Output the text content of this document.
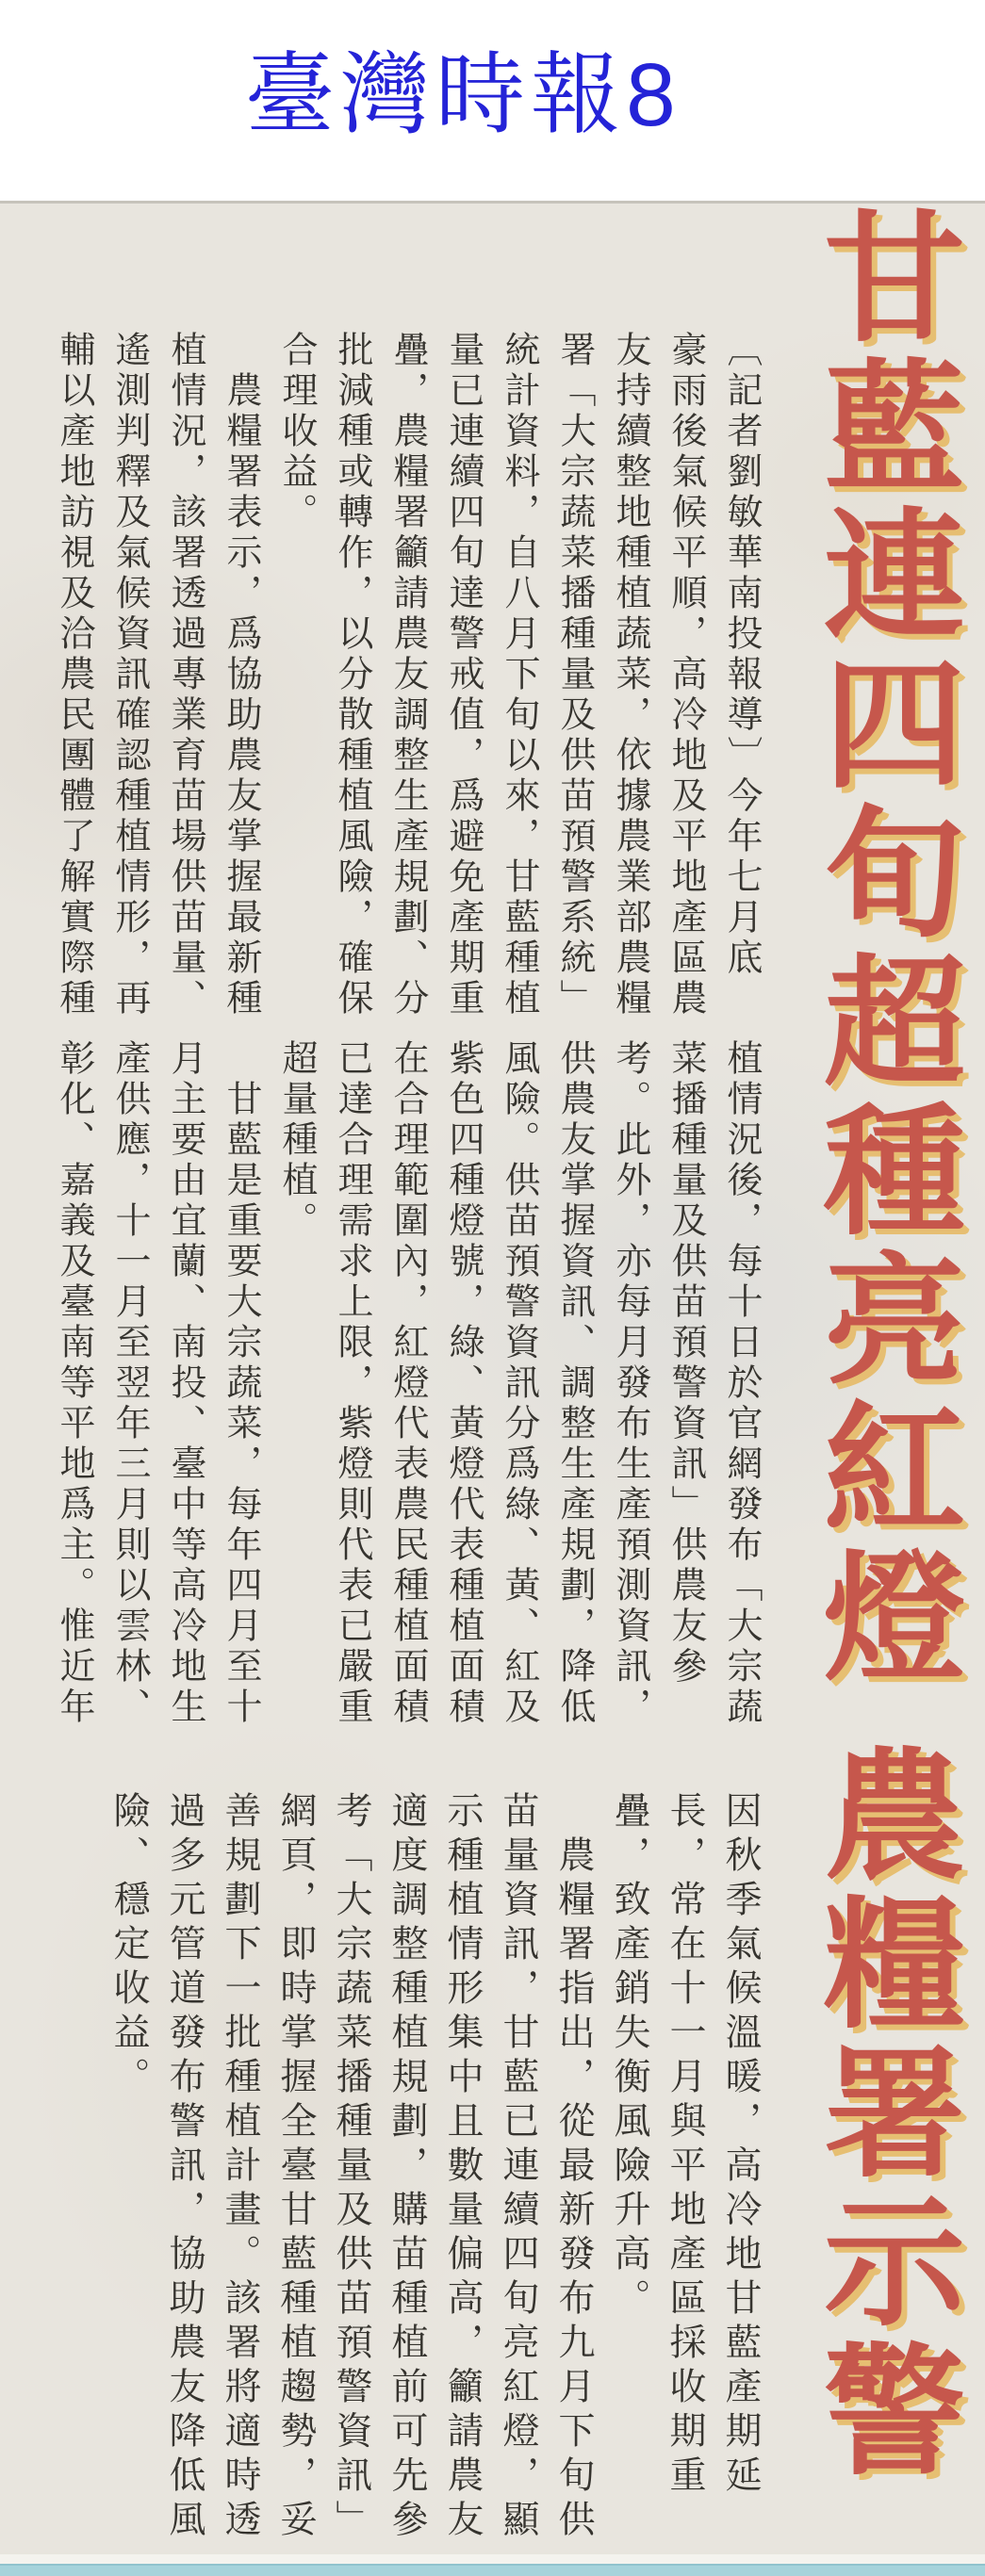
臺灣時報8
甘藍連四旬超種亮紅燈
農糧署示警
〔記者劉敏華南投報導〕今年七月底
豪雨後氣候平順，高冷地及平地產區農
友持續整地種植蔬菜，依據農業部農糧
署「大宗蔬菜播種量及供苗預警系統」
統計資料，自八月下旬以來，甘藍種植
量已連續四旬達警戒值，爲避免產期重
疊，農糧署籲請農友調整生產規劃、分
批減種或轉作，以分散種植風險，確保
合理收益。
　農糧署表示，爲協助農友掌握最新種
植情況，該署透過專業育苗場供苗量、
遙測判釋及氣候資訊確認種植情形，再
輔以產地訪視及洽農民團體了解實際種
植情況後，每十日於官網發布「大宗蔬
菜播種量及供苗預警資訊」供農友參
考。此外，亦每月發布生產預測資訊，
供農友掌握資訊、調整生產規劃，降低
風險。供苗預警資訊分爲綠、黃、紅及
紫色四種燈號，綠、黃燈代表種植面積
在合理範圍內，紅燈代表農民種植面積
已達合理需求上限，紫燈則代表已嚴重
超量種植。
　甘藍是重要大宗蔬菜，每年四月至十
月主要由宜蘭、南投、臺中等高冷地生
產供應，十一月至翌年三月則以雲林、
彰化、嘉義及臺南等平地爲主。惟近年
因秋季氣候溫暖，高冷地甘藍產期延
長，常在十一月與平地產區採收期重
疊，致產銷失衡風險升高。
　農糧署指出，從最新發布九月下旬供
苗量資訊，甘藍已連續四旬亮紅燈，顯
示種植情形集中且數量偏高，籲請農友
適度調整種植規劃，購苗種植前可先參
考「大宗蔬菜播種量及供苗預警資訊」
網頁，即時掌握全臺甘藍種植趨勢，妥
善規劃下一批種植計畫。該署將適時透
過多元管道發布警訊，協助農友降低風
險、穩定收益。
